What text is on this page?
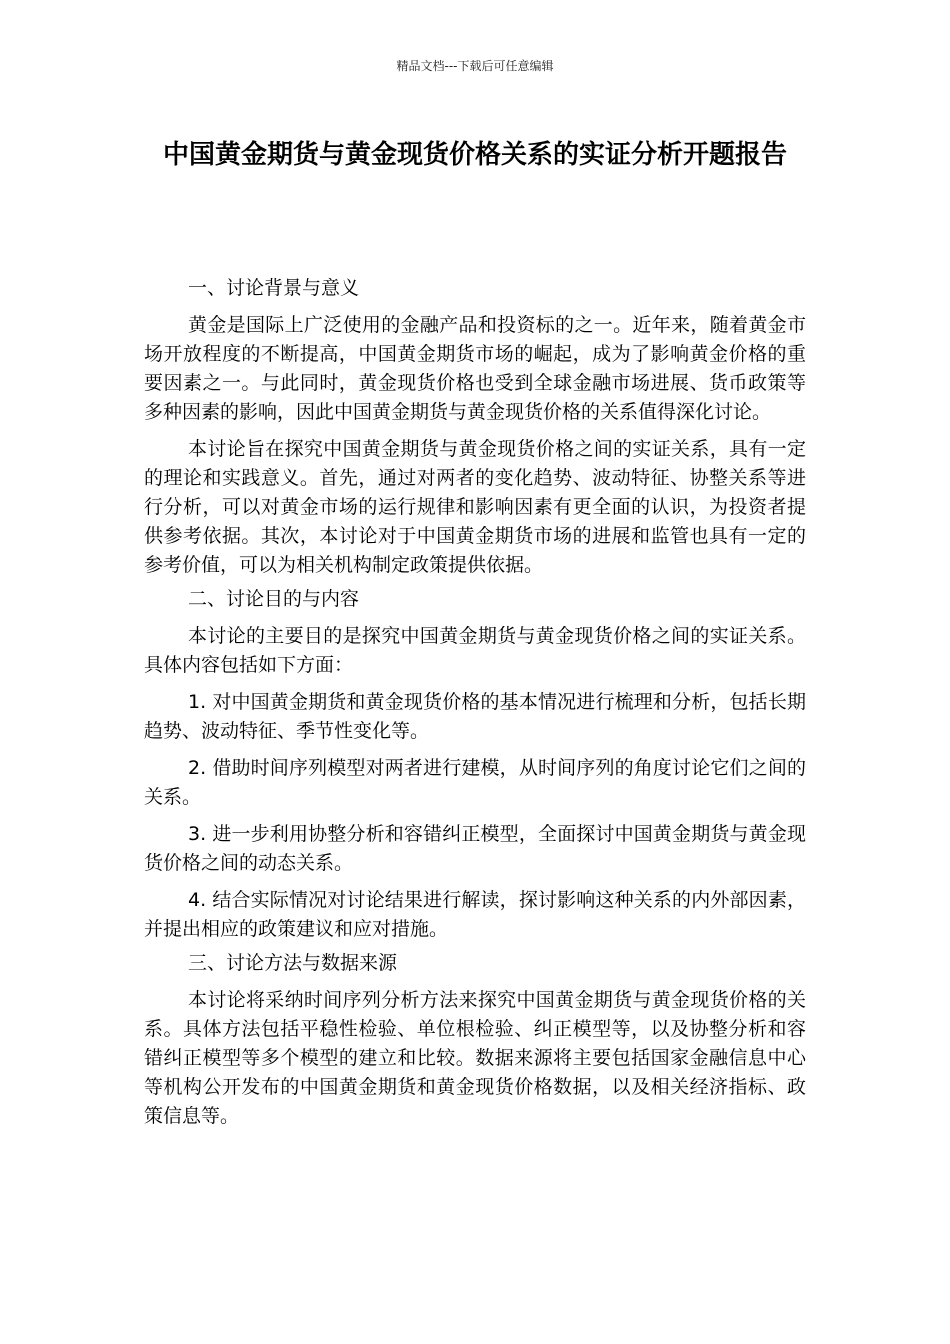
精品文档---下载后可任意编辑
中国黄金期货与黄金现货价格关系的实证分析开题报告

一、讨论背景与意义

黄金是国际上广泛使用的金融产品和投资标的之一。近年来，随着黄金市场开放程度的不断提高，中国黄金期货市场的崛起，成为了影响黄金价格的重要因素之一。与此同时，黄金现货价格也受到全球金融市场进展、货币政策等多种因素的影响，因此中国黄金期货与黄金现货价格的关系值得深化讨论。

本讨论旨在探究中国黄金期货与黄金现货价格之间的实证关系，具有一定的理论和实践意义。首先，通过对两者的变化趋势、波动特征、协整关系等进行分析，可以对黄金市场的运行规律和影响因素有更全面的认识，为投资者提供参考依据。其次，本讨论对于中国黄金期货市场的进展和监管也具有一定的参考价值，可以为相关机构制定政策提供依据。

二、讨论目的与内容

本讨论的主要目的是探究中国黄金期货与黄金现货价格之间的实证关系。具体内容包括如下方面：

1. 对中国黄金期货和黄金现货价格的基本情况进行梳理和分析，包括长期趋势、波动特征、季节性变化等。

2. 借助时间序列模型对两者进行建模，从时间序列的角度讨论它们之间的关系。

3. 进一步利用协整分析和容错纠正模型，全面探讨中国黄金期货与黄金现货价格之间的动态关系。

4. 结合实际情况对讨论结果进行解读，探讨影响这种关系的内外部因素，并提出相应的政策建议和应对措施。

三、讨论方法与数据来源

本讨论将采纳时间序列分析方法来探究中国黄金期货与黄金现货价格的关系。具体方法包括平稳性检验、单位根检验、纠正模型等，以及协整分析和容错纠正模型等多个模型的建立和比较。数据来源将主要包括国家金融信息中心等机构公开发布的中国黄金期货和黄金现货价格数据，以及相关经济指标、政策信息等。
